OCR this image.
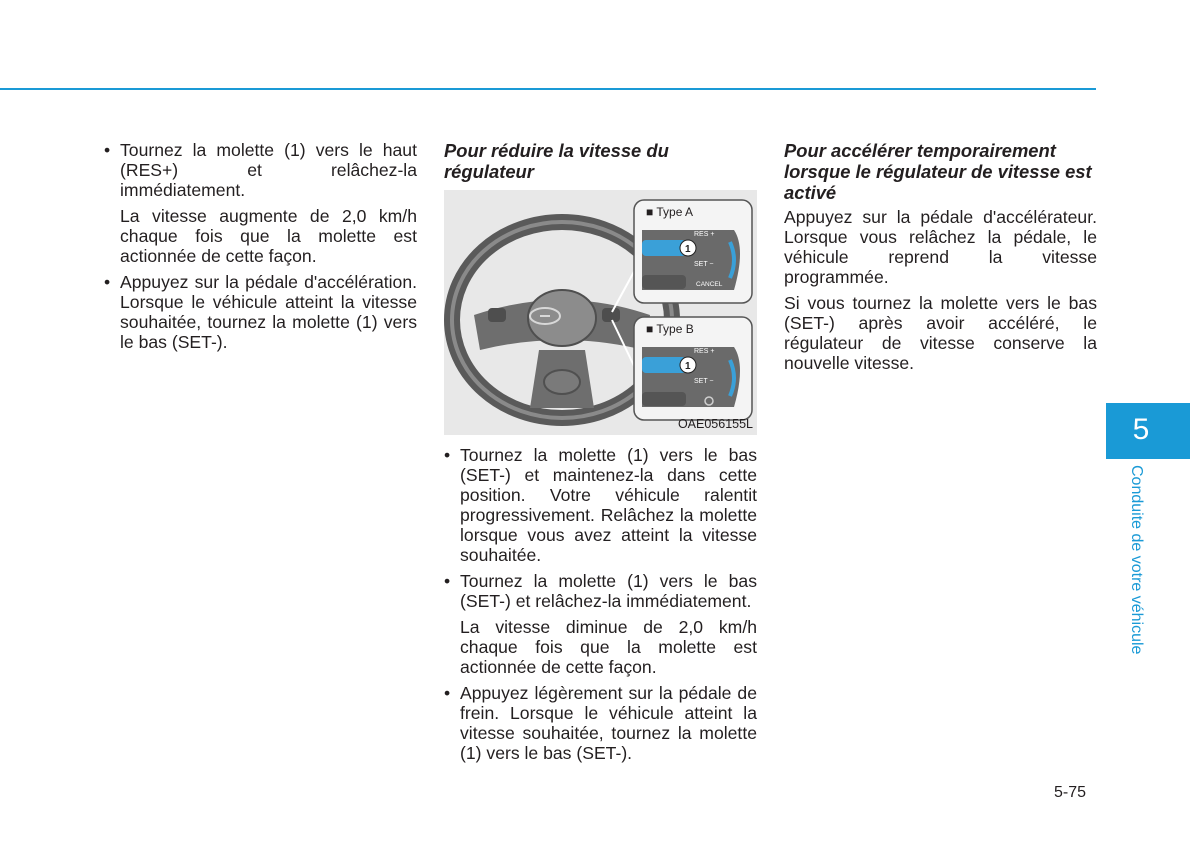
• Tournez la molette (1) vers le haut (RES+) et relâchez-la immédiatement.
La vitesse augmente de 2,0 km/h chaque fois que la molette est actionnée de cette façon.
• Appuyez sur la pédale d'accélération. Lorsque le véhicule atteint la vitesse souhaitée, tournez la molette (1) vers le bas (SET-).
Pour réduire la vitesse du régulateur
■ Type A
RES +
SET −
CANCEL
1
■ Type B
RES +
SET −
1
OAE056155L
• Tournez la molette (1) vers le bas (SET-) et maintenez-la dans cette position. Votre véhicule ralentit progressivement. Relâchez la molette lorsque vous avez atteint la vitesse souhaitée.
• Tournez la molette (1) vers le bas (SET-) et relâchez-la immédiatement.
La vitesse diminue de 2,0 km/h chaque fois que la molette est actionnée de cette façon.
• Appuyez légèrement sur la pédale de frein. Lorsque le véhicule atteint la vitesse souhaitée, tournez la molette (1) vers le bas (SET-).
Pour accélérer temporairement lorsque le régulateur de vitesse est activé
Appuyez sur la pédale d'accélérateur. Lorsque vous relâchez la pédale, le véhicule reprend la vitesse programmée.
Si vous tournez la molette vers le bas (SET-) après avoir accéléré, le régulateur de vitesse conserve la nouvelle vitesse.
5
Conduite de votre véhicule
5-75
